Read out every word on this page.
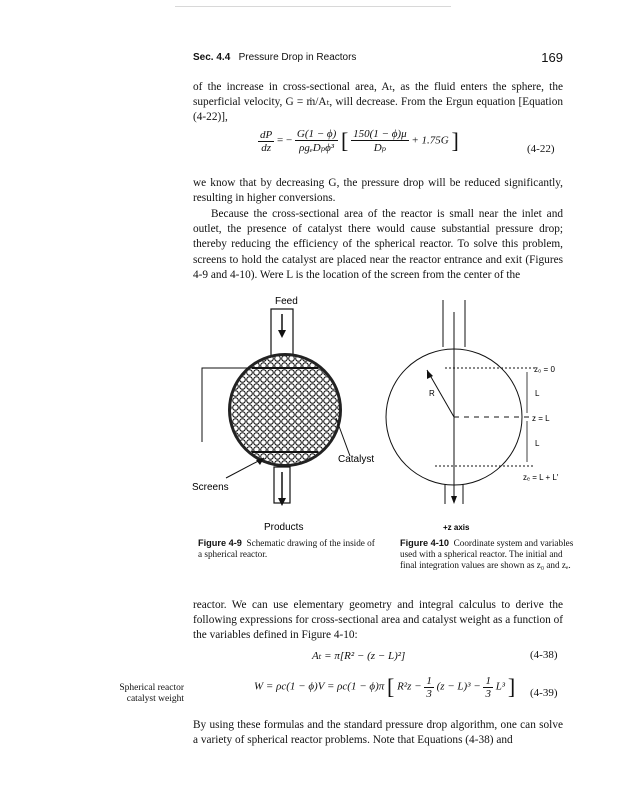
Sec. 4.4 Pressure Drop in Reactors	169

of the increase in cross-sectional area, Aₜ, as the fluid enters the sphere, the superficial velocity, G = ṁ/Aₜ, will decrease. From the Ergun equation [Equation (4-22)],

$\frac{dP}{dz}$ = − $\frac{G(1 - \phi)}{\text{ρgₑDₚϕ³}}$ [ $\frac{150(1 - \phi)\mu}{\text{Dₚ}} + 1.75G$ ]	(4-22)

we know that by decreasing G, the pressure drop will be reduced significantly, resulting in higher conversions.

Because the cross-sectional area of the reactor is small near the inlet and outlet, the presence of catalyst there would cause substantial pressure drop; thereby reducing the efficiency of the spherical reactor. To solve this problem, screens to hold the catalyst are placed near the reactor entrance and exit (Figures 4-9 and 4-10). Were L is the location of the screen from the center of the

Feed
Catalyst
Screens
Products
R
z₀ = 0
L
z = L
L
zₑ = L + L′
+z axis
Figure 4-9 Schematic drawing of the inside of a spherical reactor.
Figure 4-10 Coordinate system and variables used with a spherical reactor. The initial and final integration values are shown as z₀ and zₑ.

reactor. We can use elementary geometry and integral calculus to derive the following expressions for cross-sectional area and catalyst weight as a function of the variables defined in Figure 4-10:

Aₜ = π[R² − (z − L)²]	(4-38)
Spherical reactor catalyst weight
W = ρc(1 − ϕ)V = ρc(1 − ϕ)π [ $R^2z - \frac{1}{3} (z - L)^3 - \frac{1}{3} L^3$ ]	(4-39)

By using these formulas and the standard pressure drop algorithm, one can solve a variety of spherical reactor problems. Note that Equations (4-38) and
